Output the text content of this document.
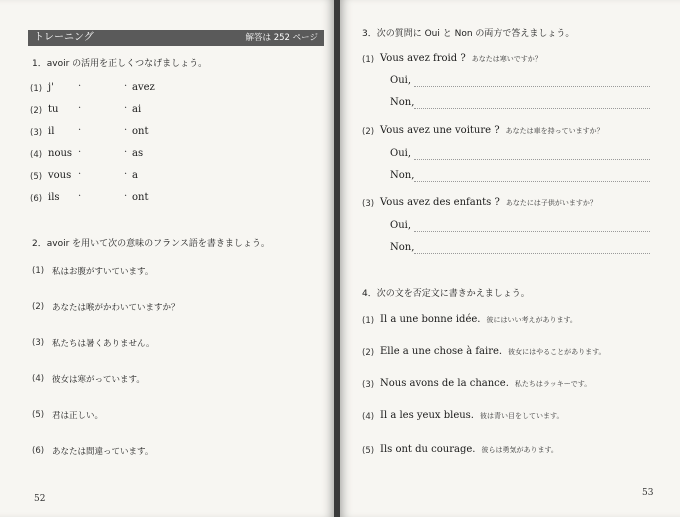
トレーニング	解答は 252 ページ
1．avoir の活用を正しくつなげましょう。
(1) j' ·	· avez
(2) tu ·	· ai
(3) il ·	· ont
(4) nous ·	· as
(5) vous ·	· a
(6) ils ·	· ont
2．avoir を用いて次の意味のフランス語を書きましょう。
(1) 私はお腹がすいています。
(2) あなたは喉がかわいていますか？
(3) 私たちは暑くありません。
(4) 彼女は寒がっています。
(5) 君は正しい。
(6) あなたは間違っています。
52
3．次の質問に Oui と Non の両方で答えましょう。
(1) Vous avez froid ? あなたは寒いですか？
Oui,
Non,
(2) Vous avez une voiture ? あなたは車を持っていますか？
Oui,
Non,
(3) Vous avez des enfants ? あなたには子供がいますか？
Oui,
Non,
4．次の文を否定文に書きかえましょう。
(1) Il a une bonne idée. 彼にはいい考えがあります。
(2) Elle a une chose à faire. 彼女にはやることがあります。
(3) Nous avons de la chance. 私たちはラッキーです。
(4) Il a les yeux bleus. 彼は青い目をしています。
(5) Ils ont du courage. 彼らは勇気があります。
53
